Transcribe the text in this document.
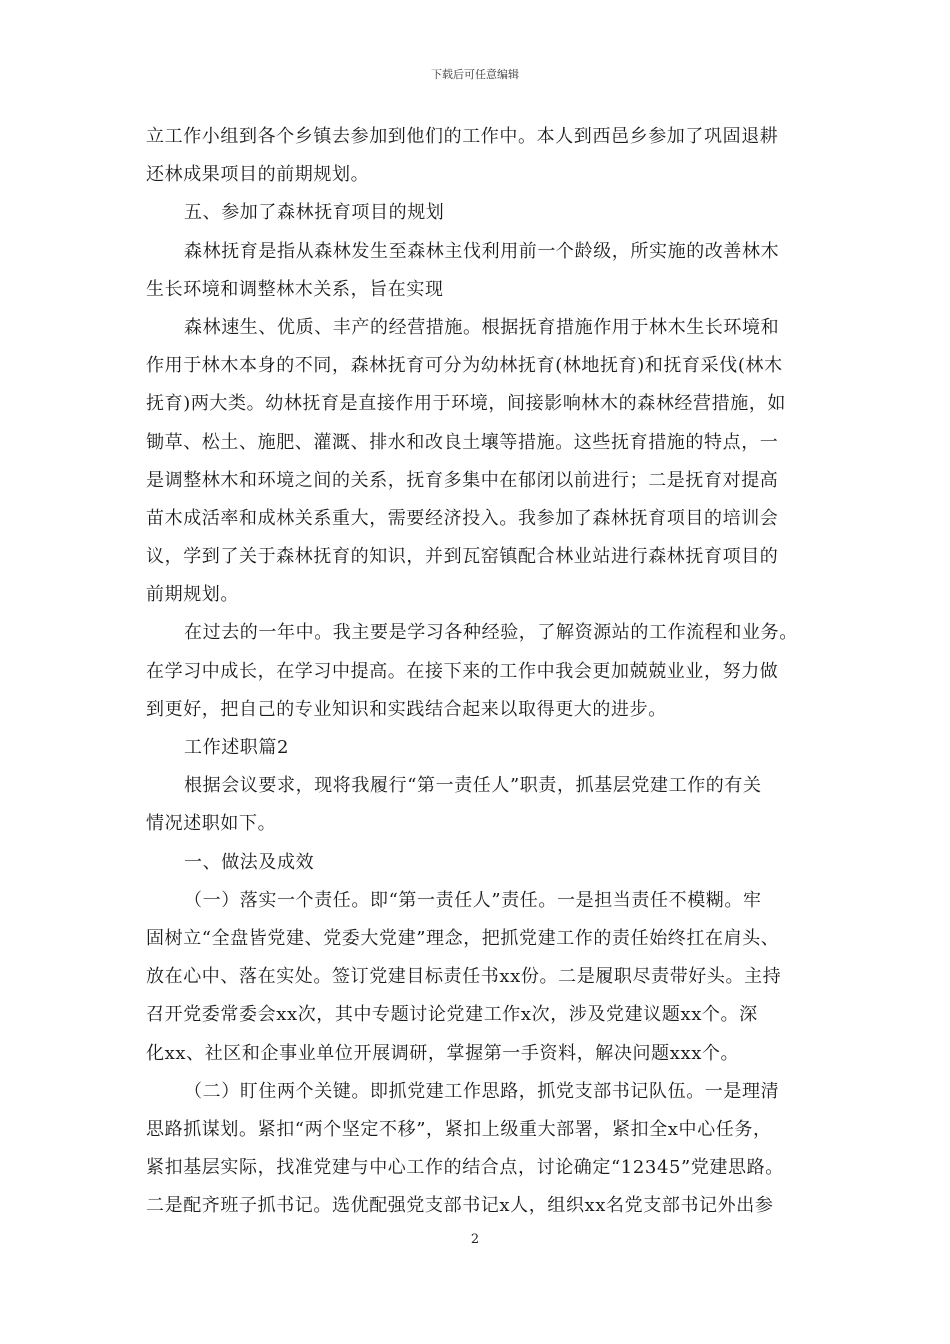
下载后可任意编辑
立工作小组到各个乡镇去参加到他们的工作中。本人到西邑乡参加了巩固退耕
还林成果项目的前期规划。
五、参加了森林抚育项目的规划
森林抚育是指从森林发生至森林主伐利用前一个龄级，所实施的改善林木
生长环境和调整林木关系，旨在实现
森林速生、优质、丰产的经营措施。根据抚育措施作用于林木生长环境和
作用于林木本身的不同，森林抚育可分为幼林抚育(林地抚育)和抚育采伐(林木
抚育)两大类。幼林抚育是直接作用于环境，间接影响林木的森林经营措施，如
锄草、松土、施肥、灌溉、排水和改良土壤等措施。这些抚育措施的特点，一
是调整林木和环境之间的关系，抚育多集中在郁闭以前进行；二是抚育对提高
苗木成活率和成林关系重大，需要经济投入。我参加了森林抚育项目的培训会
议，学到了关于森林抚育的知识，并到瓦窑镇配合林业站进行森林抚育项目的
前期规划。
在过去的一年中。我主要是学习各种经验，了解资源站的工作流程和业务。
在学习中成长，在学习中提高。在接下来的工作中我会更加兢兢业业，努力做
到更好，把自己的专业知识和实践结合起来以取得更大的进步。
工作述职篇2
根据会议要求，现将我履行“第一责任人”职责，抓基层党建工作的有关
情况述职如下。
一、做法及成效
（一）落实一个责任。即“第一责任人”责任。一是担当责任不模糊。牢
固树立“全盘皆党建、党委大党建”理念，把抓党建工作的责任始终扛在肩头、
放在心中、落在实处。签订党建目标责任书xx份。二是履职尽责带好头。主持
召开党委常委会xx次，其中专题讨论党建工作x次，涉及党建议题xx个。深
化xx、社区和企事业单位开展调研，掌握第一手资料，解决问题xxx个。
（二）盯住两个关键。即抓党建工作思路，抓党支部书记队伍。一是理清
思路抓谋划。紧扣“两个坚定不移”，紧扣上级重大部署，紧扣全x中心任务，
紧扣基层实际，找准党建与中心工作的结合点，讨论确定“12345”党建思路。
二是配齐班子抓书记。选优配强党支部书记x人，组织xx名党支部书记外出参
2
